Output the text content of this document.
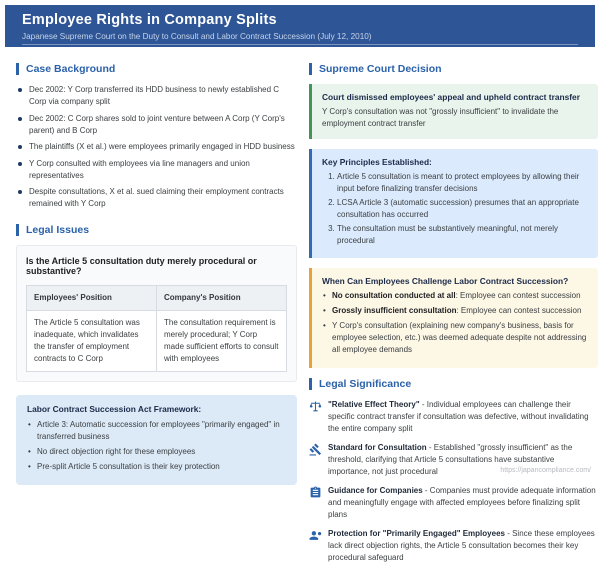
Employee Rights in Company Splits
Japanese Supreme Court on the Duty to Consult and Labor Contract Succession (July 12, 2010)
Case Background
Dec 2002: Y Corp transferred its HDD business to newly established C Corp via company split
Dec 2002: C Corp shares sold to joint venture between A Corp (Y Corp's parent) and B Corp
The plaintiffs (X et al.) were employees primarily engaged in HDD business
Y Corp consulted with employees via line managers and union representatives
Despite consultations, X et al. sued claiming their employment contracts remained with Y Corp
Legal Issues
Is the Article 5 consultation duty merely procedural or substantive?
Employees' Position	Company's Position
The Article 5 consultation was inadequate, which invalidates the transfer of employment contracts to C Corp	The consultation requirement is merely procedural; Y Corp made sufficient efforts to consult with employees
Labor Contract Succession Act Framework:
• Article 3: Automatic succession for employees "primarily engaged" in transferred business
• No direct objection right for these employees
• Pre-split Article 5 consultation is their key protection
Supreme Court Decision
Court dismissed employees' appeal and upheld contract transfer
Y Corp's consultation was not "grossly insufficient" to invalidate the employment contract transfer
Key Principles Established:
1. Article 5 consultation is meant to protect employees by allowing their input before finalizing transfer decisions
2. LCSA Article 3 (automatic succession) presumes that an appropriate consultation has occurred
3. The consultation must be substantively meaningful, not merely procedural
When Can Employees Challenge Labor Contract Succession?
• No consultation conducted at all: Employee can contest succession
• Grossly insufficient consultation: Employee can contest succession
• Y Corp's consultation (explaining new company's business, basis for employee selection, etc.) was deemed adequate despite not addressing all employee demands
Legal Significance
"Relative Effect Theory" - Individual employees can challenge their specific contract transfer if consultation was defective, without invalidating the entire company split
Standard for Consultation - Established "grossly insufficient" as the threshold, clarifying that Article 5 consultations have substantive importance, not just procedural
Guidance for Companies - Companies must provide adequate information and meaningfully engage with affected employees before finalizing split plans
Protection for "Primarily Engaged" Employees - Since these employees lack direct objection rights, the Article 5 consultation becomes their key procedural safeguard
https://japancompliance.com/
